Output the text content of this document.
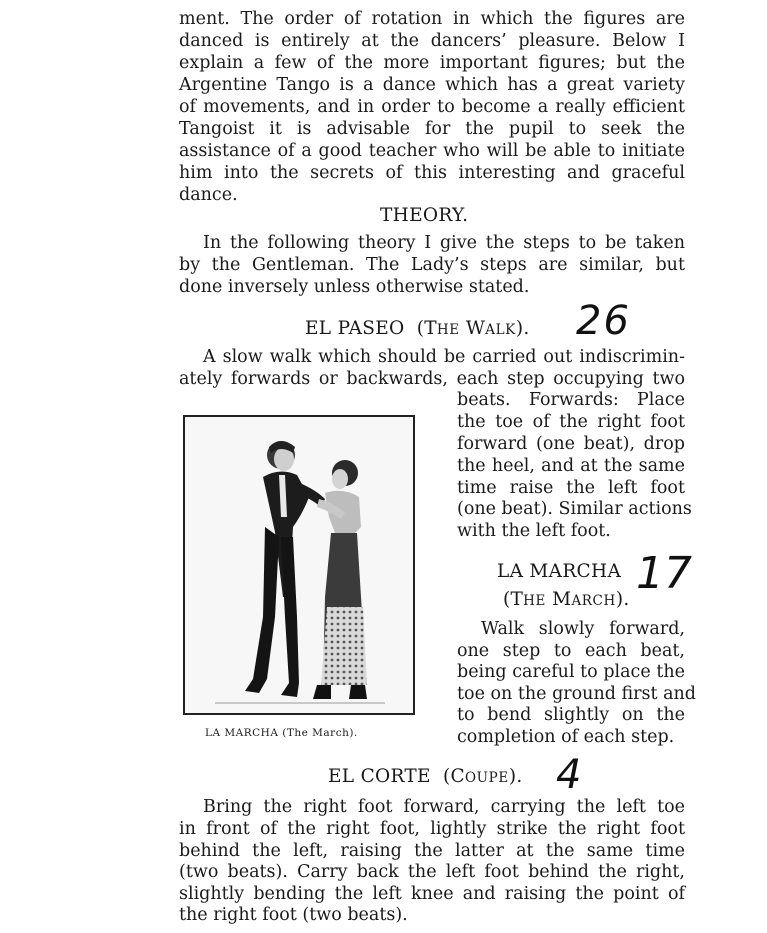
ment. The order of rotation in which the figures are
danced is entirely at the dancers’ pleasure. Below I
explain a few of the more important figures; but the
Argentine Tango is a dance which has a great variety
of movements, and in order to become a really efficient
Tangoist it is advisable for the pupil to seek the
assistance of a good teacher who will be able to initiate
him into the secrets of this interesting and graceful
dance.
THEORY.
In the following theory I give the steps to be taken
by the Gentleman. The Lady’s steps are similar, but
done inversely unless otherwise stated.
EL PASEO (THE WALK). 26
A slow walk which should be carried out indiscrimin-
ately forwards or backwards, each step occupying two
beats. Forwards: Place
the toe of the right foot
forward (one beat), drop
the heel, and at the same
time raise the left foot
(one beat). Similar actions
with the left foot.
LA MARCHA (The March).
LA MARCHA 17
(THE MARCH).
Walk slowly forward,
one step to each beat,
being careful to place the
toe on the ground first and
to bend slightly on the
completion of each step.
EL CORTE (COUPE). 4
Bring the right foot forward, carrying the left toe
in front of the right foot, lightly strike the right foot
behind the left, raising the latter at the same time
(two beats). Carry back the left foot behind the right,
slightly bending the left knee and raising the point of
the right foot (two beats).
